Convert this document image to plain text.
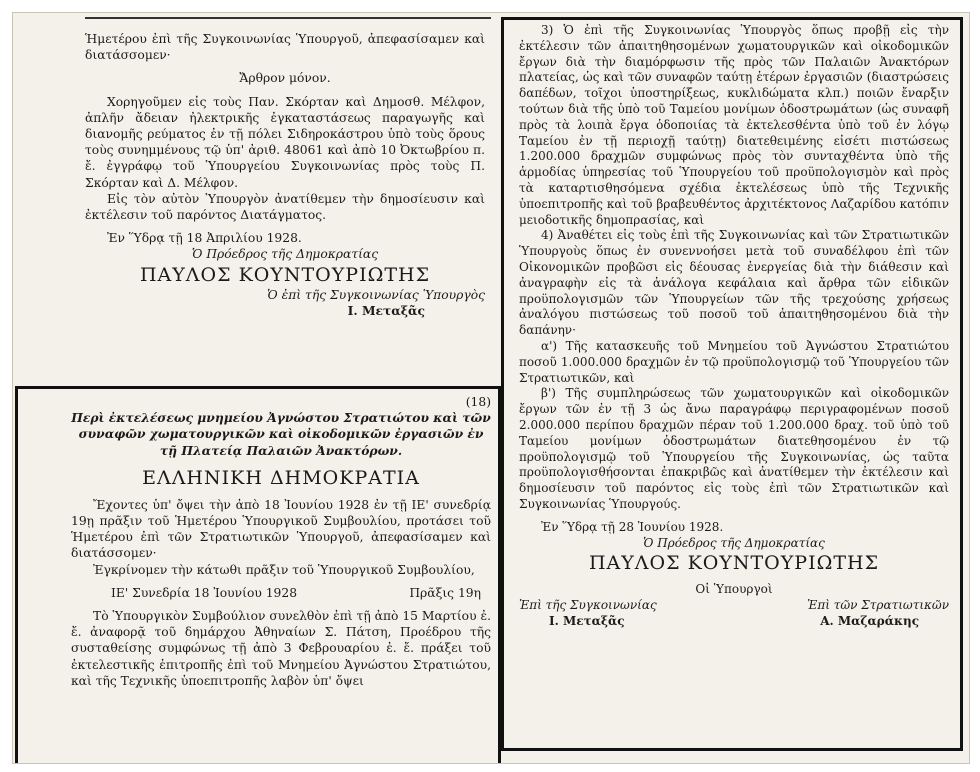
Ἡμετέρου ἐπὶ τῆς Συγκοινωνίας Ὑπουργοῦ, ἀπεφασίσαμεν καὶ διατάσσομεν·

Ἄρθρον μόνον.

Χορηγοῦμεν εἰς τοὺς Παν. Σκόρταν καὶ Δημοσθ. Μέλφον, ἀπλῆν ἄδειαν ἠλεκτρικῆς ἐγκαταστάσεως παραγωγῆς καὶ διανομῆς ρεύματος ἐν τῇ πόλει Σιδηροκάστρου ὑπὸ τοὺς ὅρους τοὺς συνημμένους τῷ ὑπ' ἀριθ. 48061 καὶ ἀπὸ 10 Ὀκτωβρίου π. ἔ. ἐγγράφῳ τοῦ Ὑπουργείου Συγκοινωνίας πρὸς τοὺς Π. Σκόρταν καὶ Δ. Μέλφον.

Εἰς τὸν αὐτὸν Ὑπουργὸν ἀνατίθεμεν τὴν δημοσίευσιν καὶ ἐκτέλεσιν τοῦ παρόντος Διατάγματος.

Ἐν Ὕδρᾳ τῇ 18 Ἀπριλίου 1928.

Ὁ Πρόεδρος τῆς Δημοκρατίας

ΠΑΥΛΟΣ ΚΟΥΝΤΟΥΡΙΩΤΗΣ

Ὁ ἐπὶ τῆς Συγκοινωνίας Ὑπουργὸς

Ι. Μεταξᾶς

(18)

Περὶ ἐκτελέσεως μνημείου Ἀγνώστου Στρατιώτου καὶ τῶν συναφῶν χωματουργικῶν καὶ οἰκοδομικῶν ἐργασιῶν ἐν τῇ Πλατείᾳ Παλαιῶν Ἀνακτόρων.

ΕΛΛΗΝΙΚΗ ΔΗΜΟΚΡΑΤΙΑ

Ἔχοντες ὑπ' ὄψει τὴν ἀπὸ 18 Ἰουνίου 1928 ἐν τῇ ΙΕ' συνεδρίᾳ 19ῃ πρᾶξιν τοῦ Ἡμετέρου Ὑπουργικοῦ Συμβουλίου, προτάσει τοῦ Ἡμετέρου ἐπὶ τῶν Στρατιωτικῶν Ὑπουργοῦ, ἀπεφασίσαμεν καὶ διατάσσομεν·

Ἐγκρίνομεν τὴν κάτωθι πρᾶξιν τοῦ Ὑπουργικοῦ Συμβουλίου,

ΙΕ' Συνεδρία 18 Ἰουνίου 1928	Πρᾶξις 19η

Τὸ Ὑπουργικὸν Συμβούλιον συνελθὸν ἐπὶ τῇ ἀπὸ 15 Μαρτίου ἐ. ἔ. ἀναφορᾷ τοῦ δημάρχου Ἀθηναίων Σ. Πάτση, Προέδρου τῆς συσταθείσης συμφώνως τῇ ἀπὸ 3 Φεβρουαρίου ἐ. ἔ. πράξει τοῦ ἐκτελεστικῆς ἐπιτροπῆς ἐπὶ τοῦ Μνημείου Ἀγνώστου Στρατιώτου, καὶ τῆς Τεχνικῆς ὑποεπιτροπῆς λαβὸν ὑπ' ὄψει

3) Ὁ ἐπὶ τῆς Συγκοινωνίας Ὑπουργὸς ὅπως προβῇ εἰς τὴν ἐκτέλεσιν τῶν ἀπαιτηθησομένων χωματουργικῶν καὶ οἰκοδομικῶν ἔργων διὰ τὴν διαμόρφωσιν τῆς πρὸς τῶν Παλαιῶν Ἀνακτόρων πλατείας, ὡς καὶ τῶν συναφῶν ταύτῃ ἑτέρων ἐργασιῶν (διαστρώσεις δαπέδων, τοῖχοι ὑποστηρίξεως, κυκλιδώματα κλπ.) ποιῶν ἔναρξιν τούτων διὰ τῆς ὑπὸ τοῦ Ταμείου μονίμων ὁδοστρωμάτων (ὡς συναφῆ πρὸς τὰ λοιπὰ ἔργα ὁδοποιίας τὰ ἐκτελεσθέντα ὑπὸ τοῦ ἐν λόγῳ Ταμείου ἐν τῇ περιοχῇ ταύτῃ) διατεθειμένης εἰσέτι πιστώσεως 1.200.000 δραχμῶν συμφώνως πρὸς τὸν συνταχθέντα ὑπὸ τῆς ἁρμοδίας ὑπηρεσίας τοῦ Ὑπουργείου τοῦ προϋπολογισμὸν καὶ πρὸς τὰ καταρτισθησόμενα σχέδια ἐκτελέσεως ὑπὸ τῆς Τεχνικῆς ὑποεπιτροπῆς καὶ τοῦ βραβευθέντος ἀρχιτέκτονος Λαζαρίδου κατόπιν μειοδοτικῆς δημοπρασίας, καὶ

4) Ἀναθέτει εἰς τοὺς ἐπὶ τῆς Συγκοινωνίας καὶ τῶν Στρατιωτικῶν Ὑπουργοὺς ὅπως ἐν συνεννοήσει μετὰ τοῦ συναδέλφου ἐπὶ τῶν Οἰκονομικῶν προβῶσι εἰς δέουσας ἐνεργείας διὰ τὴν διάθεσιν καὶ ἀναγραφὴν εἰς τὰ ἀνάλογα κεφάλαια καὶ ἄρθρα τῶν εἰδικῶν προϋπολογισμῶν τῶν Ὑπουργείων τῶν τῆς τρεχούσης χρήσεως ἀναλόγου πιστώσεως τοῦ ποσοῦ τοῦ ἀπαιτηθησομένου διὰ τὴν δαπάνην·

α') Τῆς κατασκευῆς τοῦ Μνημείου τοῦ Ἀγνώστου Στρατιώτου ποσοῦ 1.000.000 δραχμῶν ἐν τῷ προϋπολογισμῷ τοῦ Ὑπουργείου τῶν Στρατιωτικῶν, καὶ

β') Τῆς συμπληρώσεως τῶν χωματουργικῶν καὶ οἰκοδομικῶν ἔργων τῶν ἐν τῇ 3 ὡς ἄνω παραγράφῳ περιγραφομένων ποσοῦ 2.000.000 περίπου δραχμῶν πέραν τοῦ 1.200.000 δραχ. τοῦ ὑπὸ τοῦ Ταμείου μονίμων ὁδοστρωμάτων διατεθησομένου ἐν τῷ προϋπολογισμῷ τοῦ Ὑπουργείου τῆς Συγκοινωνίας, ὡς ταῦτα προϋπολογισθήσονται ἐπακριβῶς καὶ ἀνατίθεμεν τὴν ἐκτέλεσιν καὶ δημοσίευσιν τοῦ παρόντος εἰς τοὺς ἐπὶ τῶν Στρατιωτικῶν καὶ Συγκοινωνίας Ὑπουργούς.

Ἐν Ὕδρᾳ τῇ 28 Ἰουνίου 1928.

Ὁ Πρόεδρος τῆς Δημοκρατίας

ΠΑΥΛΟΣ ΚΟΥΝΤΟΥΡΙΩΤΗΣ

Οἱ Ὑπουργοὶ

Ἐπὶ τῆς Συγκοινωνίας	Ἐπὶ τῶν Στρατιωτικῶν
Ι. Μεταξᾶς	Α. Μαζαράκης
